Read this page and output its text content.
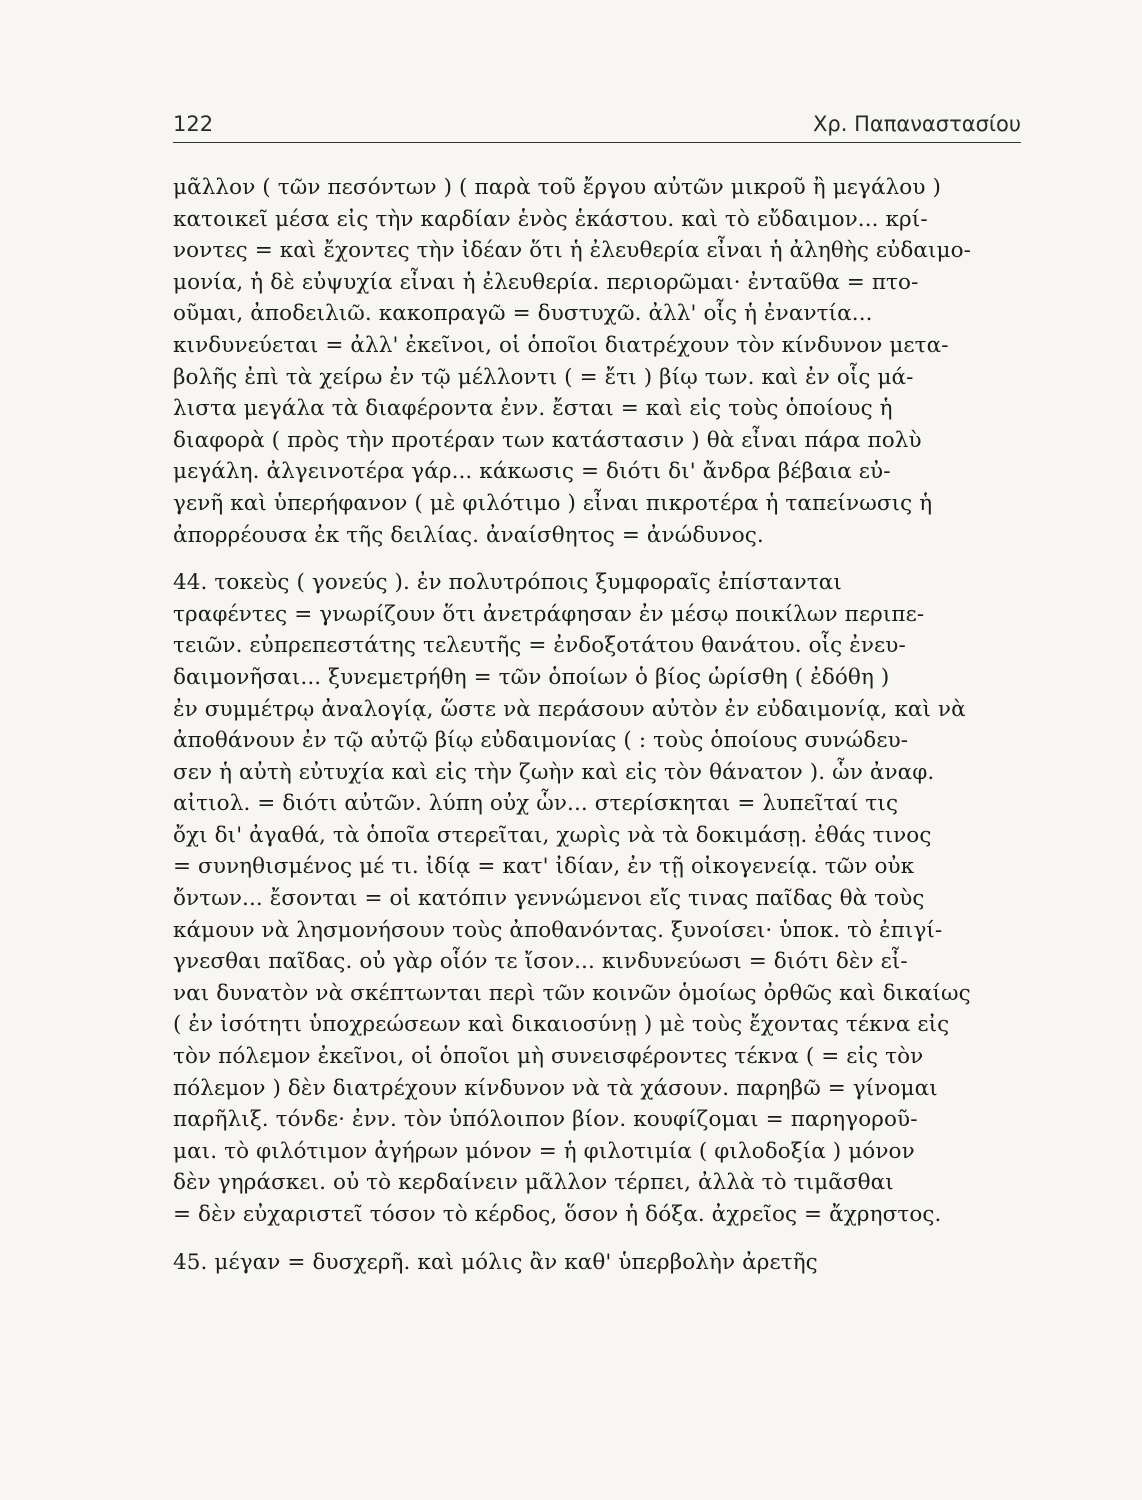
122	Χρ. Παπαναστασίου
μᾶλλον ( τῶν πεσόντων ) ( παρὰ τοῦ ἔργου αὐτῶν μικροῦ ἢ μεγάλου )
κατοικεῖ μέσα εἰς τὴν καρδίαν ἑνὸς ἑκάστου. καὶ τὸ εὔδαιμον... κρί-
νοντες = καὶ ἔχοντες τὴν ἰδέαν ὅτι ἡ ἐλευθερία εἶναι ἡ ἀληθὴς εὐδαιμο-
μονία, ἡ δὲ εὐψυχία εἶναι ἡ ἐλευθερία. περιορῶμαι· ἐνταῦθα = πτο-
οῦμαι, ἀποδειλιῶ. κακοπραγῶ = δυστυχῶ. ἀλλ' οἷς ἡ ἐναντία...
κινδυνεύεται = ἀλλ' ἐκεῖνοι, οἱ ὁποῖοι διατρέχουν τὸν κίνδυνον μετα-
βολῆς ἐπὶ τὰ χείρω ἐν τῷ μέλλοντι ( = ἔτι ) βίῳ των. καὶ ἐν οἷς μά-
λιστα μεγάλα τὰ διαφέροντα ἐνν. ἔσται = καὶ εἰς τοὺς ὁποίους ἡ
διαφορὰ ( πρὸς τὴν προτέραν των κατάστασιν ) θὰ εἶναι πάρα πολὺ
μεγάλη. ἀλγεινοτέρα γάρ... κάκωσις = διότι δι' ἄνδρα βέβαια εὐ-
γενῆ καὶ ὑπερήφανον ( μὲ φιλότιμο ) εἶναι πικροτέρα ἡ ταπείνωσις ἡ
ἀπορρέουσα ἐκ τῆς δειλίας. ἀναίσθητος = ἀνώδυνος.
44. τοκεὺς ( γονεύς ). ἐν πολυτρόποις ξυμφοραῖς ἐπίστανται
τραφέντες = γνωρίζουν ὅτι ἀνετράφησαν ἐν μέσῳ ποικίλων περιπε-
τειῶν. εὐπρεπεστάτης τελευτῆς = ἐνδοξοτάτου θανάτου. οἷς ἐνευ-
δαιμονῆσαι... ξυνεμετρήθη = τῶν ὁποίων ὁ βίος ὡρίσθη ( ἐδόθη )
ἐν συμμέτρῳ ἀναλογίᾳ, ὥστε νὰ περάσουν αὐτὸν ἐν εὐδαιμονίᾳ, καὶ νὰ
ἀποθάνουν ἐν τῷ αὐτῷ βίῳ εὐδαιμονίας ( : τοὺς ὁποίους συνώδευ-
σεν ἡ αὐτὴ εὐτυχία καὶ εἰς τὴν ζωὴν καὶ εἰς τὸν θάνατον ). ὧν ἀναφ.
αἰτιολ. = διότι αὐτῶν. λύπη οὐχ ὧν... στερίσκηται = λυπεῖταί τις
ὄχι δι' ἀγαθά, τὰ ὁποῖα στερεῖται, χωρὶς νὰ τὰ δοκιμάσῃ. ἐθάς τινος
= συνηθισμένος μέ τι. ἰδίᾳ = κατ' ἰδίαν, ἐν τῇ οἰκογενείᾳ. τῶν οὐκ
ὄντων... ἔσονται = οἱ κατόπιν γεννώμενοι εἴς τινας παῖδας θὰ τοὺς
κάμουν νὰ λησμονήσουν τοὺς ἀποθανόντας. ξυνοίσει· ὑποκ. τὸ ἐπιγί-
γνεσθαι παῖδας. οὐ γὰρ οἷόν τε ἴσον... κινδυνεύωσι = διότι δὲν εἶ-
ναι δυνατὸν νὰ σκέπτωνται περὶ τῶν κοινῶν ὁμοίως ὀρθῶς καὶ δικαίως
( ἐν ἰσότητι ὑποχρεώσεων καὶ δικαιοσύνῃ ) μὲ τοὺς ἔχοντας τέκνα εἰς
τὸν πόλεμον ἐκεῖνοι, οἱ ὁποῖοι μὴ συνεισφέροντες τέκνα ( = εἰς τὸν
πόλεμον ) δὲν διατρέχουν κίνδυνον νὰ τὰ χάσουν. παρηβῶ = γίνομαι
παρῆλιξ. τόνδε· ἐνν. τὸν ὑπόλοιπον βίον. κουφίζομαι = παρηγοροῦ-
μαι. τὸ φιλότιμον ἀγήρων μόνον = ἡ φιλοτιμία ( φιλοδοξία ) μόνον
δὲν γηράσκει. οὐ τὸ κερδαίνειν μᾶλλον τέρπει, ἀλλὰ τὸ τιμᾶσθαι
= δὲν εὐχαριστεῖ τόσον τὸ κέρδος, ὅσον ἡ δόξα. ἀχρεῖος = ἄχρηστος.
45. μέγαν = δυσχερῆ. καὶ μόλις ἂν καθ' ὑπερβολὴν ἀρετῆς
